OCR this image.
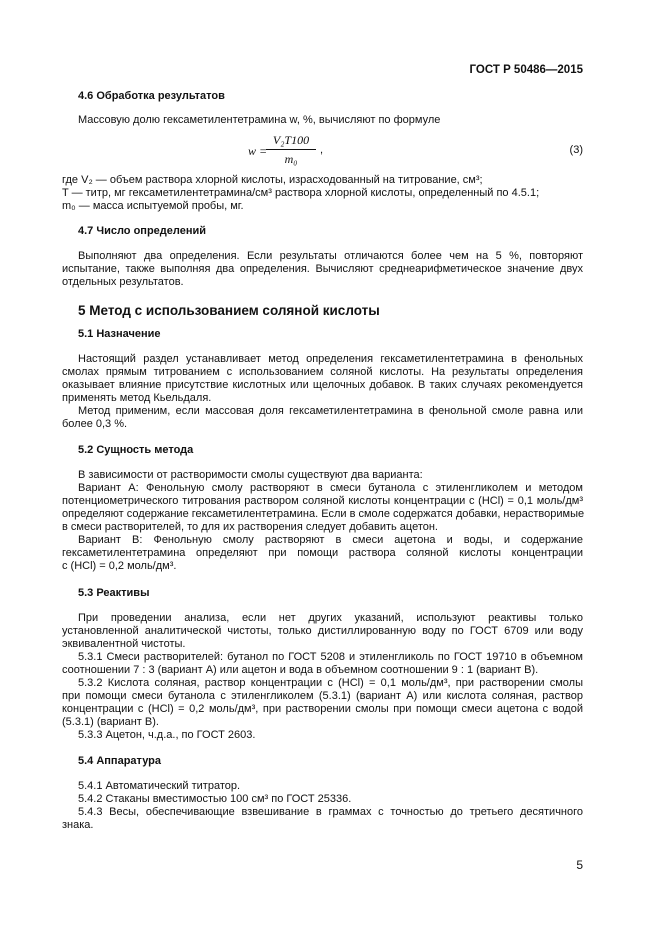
ГОСТ Р 50486—2015
4.6 Обработка результатов
Массовую долю гексаметилентетрамина w, %, вычисляют по формуле
w =
V₂T100
m₀
,	(3)
где V₂ — объем раствора хлорной кислоты, израсходованный на титрование, см³;
T — титр, мг гексаметилентетрамина/см³ раствора хлорной кислоты, определенный по 4.5.1;
m₀ — масса испытуемой пробы, мг.
4.7 Число определений
Выполняют два определения. Если результаты отличаются более чем на 5 %, повторяют
испытание, также выполняя два определения. Вычисляют среднеарифметическое значение двух
отдельных результатов.
5 Метод с использованием соляной кислоты
5.1 Назначение
Настоящий раздел устанавливает метод определения гексаметилентетрамина в фенольных
смолах прямым титрованием с использованием соляной кислоты. На результаты определения
оказывает влияние присутствие кислотных или щелочных добавок. В таких случаях рекомендуется
применять метод Кьельдаля.
Метод применим, если массовая доля гексаметилентетрамина в фенольной смоле равна или
более 0,3 %.
5.2 Сущность метода
В зависимости от растворимости смолы существуют два варианта:
Вариант А: Фенольную смолу растворяют в смеси бутанола с этиленгликолем и методом
потенциометрического титрования раствором соляной кислоты концентрации c (HCl) = 0,1 моль/дм³
определяют содержание гексаметилентетрамина. Если в смоле содержатся добавки, нерастворимые
в смеси растворителей, то для их растворения следует добавить ацетон.
Вариант В: Фенольную смолу растворяют в смеси ацетона и воды, и содержание
гексаметилентетрамина определяют при помощи раствора соляной кислоты концентрации
c (HCl) = 0,2 моль/дм³.
5.3 Реактивы
При проведении анализа, если нет других указаний, используют реактивы только
установленной аналитической чистоты, только дистиллированную воду по ГОСТ 6709 или воду
эквивалентной чистоты.
5.3.1 Смеси растворителей: бутанол по ГОСТ 5208 и этиленгликоль по ГОСТ 19710 в объемном
соотношении 7 : 3 (вариант А) или ацетон и вода в объемном соотношении 9 : 1 (вариант В).
5.3.2 Кислота соляная, раствор концентрации c (HCl) = 0,1 моль/дм³, при растворении смолы
при помощи смеси бутанола с этиленгликолем (5.3.1) (вариант А) или кислота соляная, раствор
концентрации c (HCl) = 0,2 моль/дм³, при растворении смолы при помощи смеси ацетона с водой
(5.3.1) (вариант В).
5.3.3 Ацетон, ч.д.а., по ГОСТ 2603.
5.4 Аппаратура
5.4.1 Автоматический титратор.
5.4.2 Стаканы вместимостью 100 см³ по ГОСТ 25336.
5.4.3 Весы, обеспечивающие взвешивание в граммах с точностью до третьего десятичного
знака.
5
